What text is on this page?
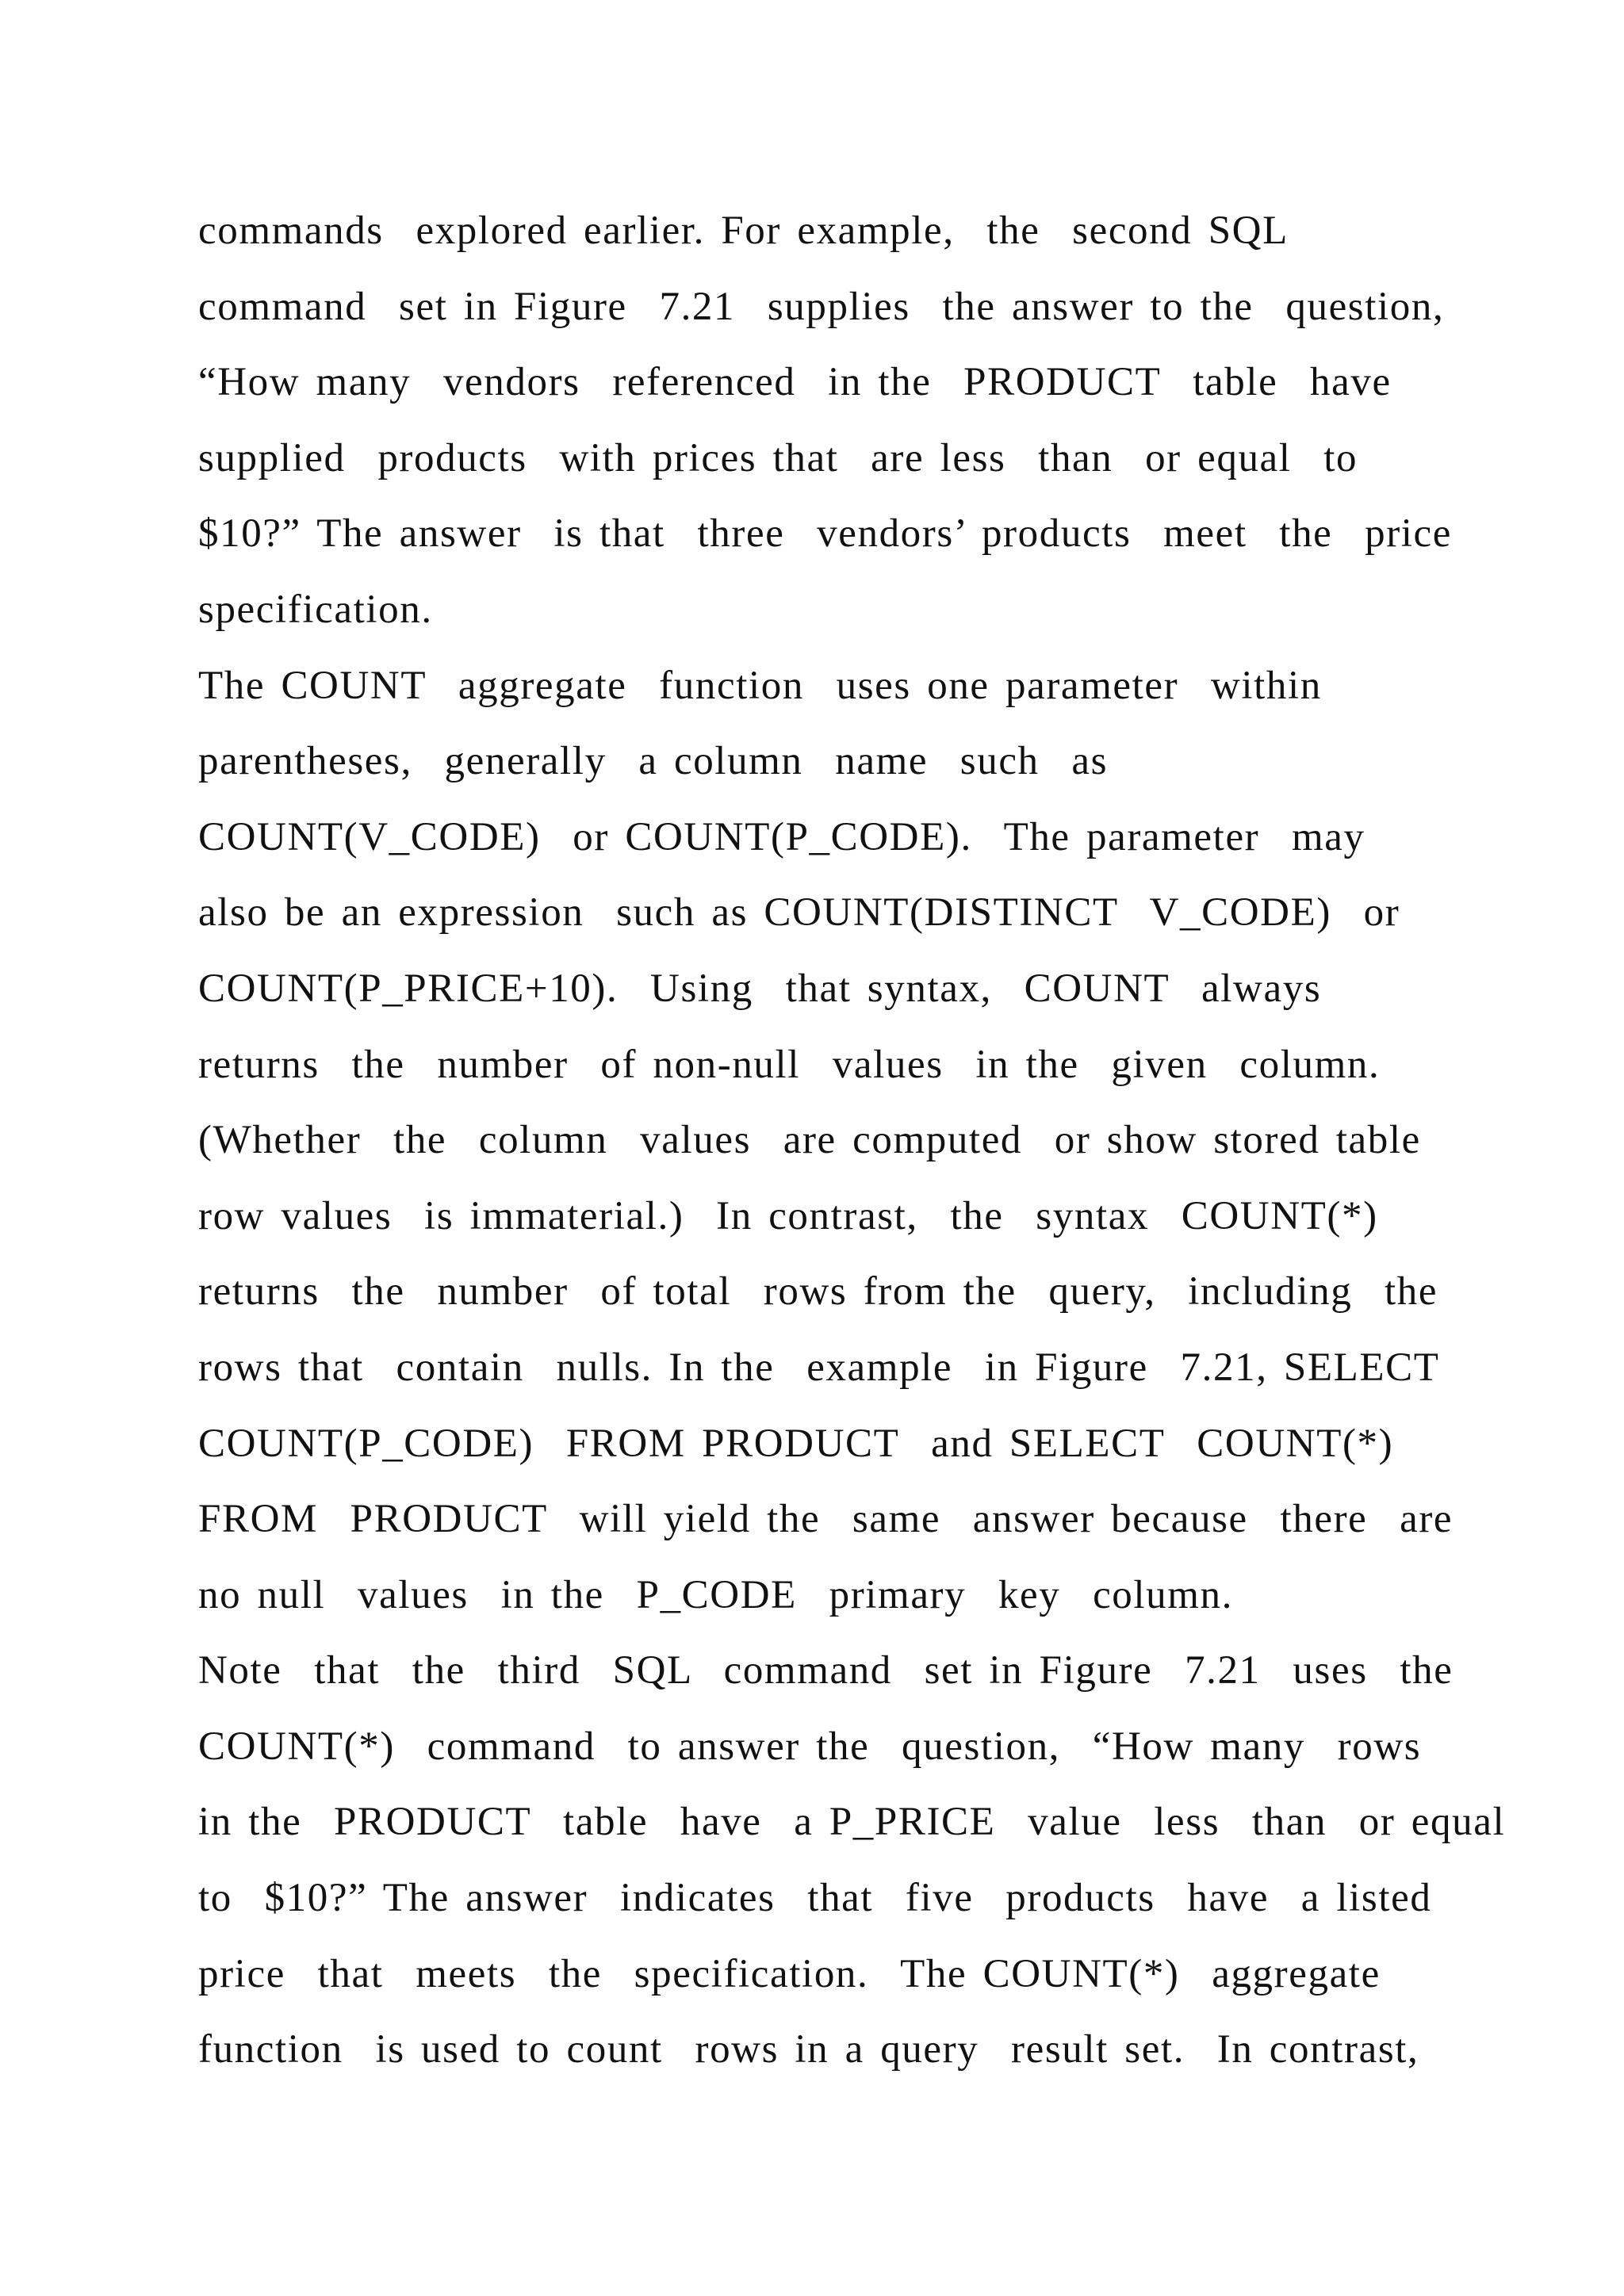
commands  explored earlier. For example,  the  second SQL
command  set in Figure  7.21  supplies  the answer to the  question,
“How many  vendors  referenced  in the  PRODUCT  table  have
supplied  products  with prices that  are less  than  or equal  to
$10?” The answer  is that  three  vendors’ products  meet  the  price
specification.
The COUNT  aggregate  function  uses one parameter  within
parentheses,  generally  a column  name  such  as
COUNT(V_CODE)  or COUNT(P_CODE).  The parameter  may
also be an expression  such as COUNT(DISTINCT  V_CODE)  or
COUNT(P_PRICE+10).  Using  that syntax,  COUNT  always
returns  the  number  of non-null  values  in the  given  column.
(Whether  the  column  values  are computed  or show stored table
row values  is immaterial.)  In contrast,  the  syntax  COUNT(*)
returns  the  number  of total  rows from the  query,  including  the
rows that  contain  nulls. In the  example  in Figure  7.21, SELECT
COUNT(P_CODE)  FROM PRODUCT  and SELECT  COUNT(*)
FROM  PRODUCT  will yield the  same  answer because  there  are
no null  values  in the  P_CODE  primary  key  column.
Note  that  the  third  SQL  command  set in Figure  7.21  uses  the
COUNT(*)  command  to answer the  question,  “How many  rows
in the  PRODUCT  table  have  a P_PRICE  value  less  than  or equal
to  $10?” The answer  indicates  that  five  products  have  a listed
price  that  meets  the  specification.  The COUNT(*)  aggregate
function  is used to count  rows in a query  result set.  In contrast,
